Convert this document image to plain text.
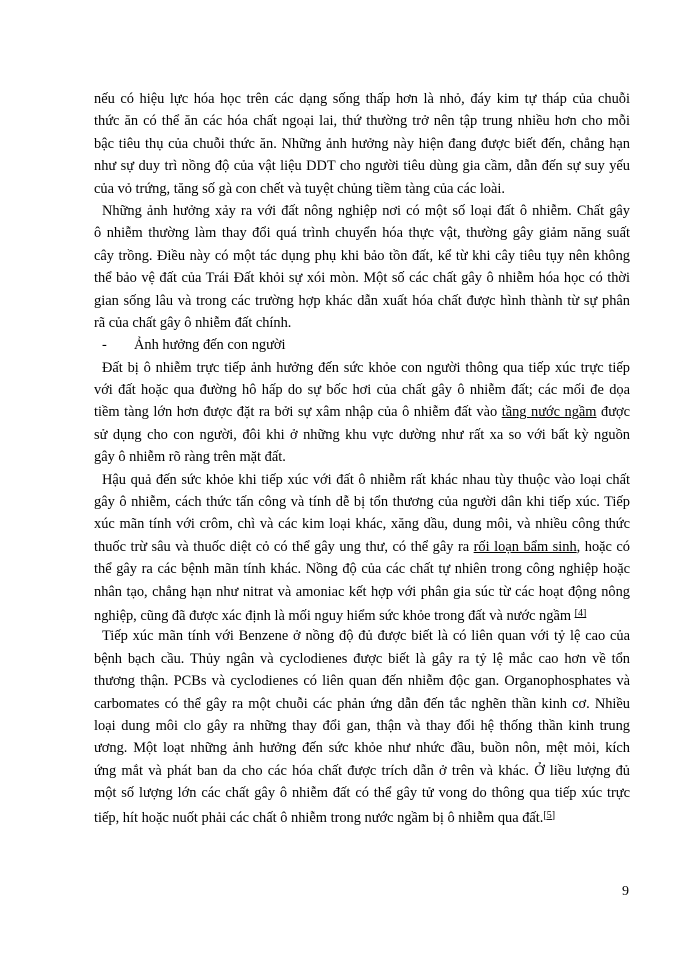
nếu có hiệu lực hóa học trên các dạng sống thấp hơn là nhỏ, đáy kim tự tháp của chuỗi
thức ăn có thể ăn các hóa chất ngoại lai, thứ thường trở nên tập trung nhiều hơn cho mỗi
bậc tiêu thụ của chuỗi thức ăn. Những ảnh hưởng này hiện đang được biết đến, chẳng hạn
như sự duy trì nồng độ của vật liệu DDT cho người tiêu dùng gia cầm, dẫn đến sự suy yếu
của vỏ trứng, tăng số gà con chết và tuyệt chủng tiềm tàng của các loài.
Những ảnh hưởng xảy ra với đất nông nghiệp nơi có một số loại đất ô nhiễm. Chất gây
ô nhiễm thường làm thay đổi quá trình chuyển hóa thực vật, thường gây giảm năng suất
cây trồng. Điều này có một tác dụng phụ khi bảo tồn đất, kể từ khi cây tiêu tụy nên không
thể bảo vệ đất của Trái Đất khỏi sự xói mòn. Một số các chất gây ô nhiễm hóa học có thời
gian sống lâu và trong các trường hợp khác dẫn xuất hóa chất được hình thành từ sự phân
rã của chất gây ô nhiễm đất chính.
- Ảnh hưởng đến con người
Đất bị ô nhiễm trực tiếp ảnh hưởng đến sức khỏe con người thông qua tiếp xúc trực tiếp
với đất hoặc qua đường hô hấp do sự bốc hơi của chất gây ô nhiễm đất; các mối đe dọa
tiềm tàng lớn hơn được đặt ra bởi sự xâm nhập của ô nhiễm đất vào tầng nước ngầm được
sử dụng cho con người, đôi khi ở những khu vực dường như rất xa so với bất kỳ nguồn
gây ô nhiễm rõ ràng trên mặt đất.
Hậu quả đến sức khỏe khi tiếp xúc với đất ô nhiễm rất khác nhau tùy thuộc vào loại chất
gây ô nhiễm, cách thức tấn công và tính dễ bị tổn thương của người dân khi tiếp xúc. Tiếp
xúc mãn tính với crôm, chì và các kim loại khác, xăng dầu, dung môi, và nhiều công thức
thuốc trừ sâu và thuốc diệt cỏ có thể gây ung thư, có thể gây ra rối loạn bẩm sinh, hoặc có
thể gây ra các bệnh mãn tính khác. Nồng độ của các chất tự nhiên trong công nghiệp hoặc
nhân tạo, chẳng hạn như nitrat và amoniac kết hợp với phân gia súc từ các hoạt động nông
nghiệp, cũng đã được xác định là mối nguy hiểm sức khỏe trong đất và nước ngầm [4]
Tiếp xúc mãn tính với Benzene ở nồng độ đủ được biết là có liên quan với tỷ lệ cao của
bệnh bạch cầu. Thủy ngân và cyclodienes được biết là gây ra tỷ lệ mắc cao hơn về tổn
thương thận. PCBs và cyclodienes có liên quan đến nhiễm độc gan. Organophosphates và
carbomates có thể gây ra một chuỗi các phản ứng dẫn đến tắc nghẽn thần kinh cơ. Nhiều
loại dung môi clo gây ra những thay đổi gan, thận và thay đổi hệ thống thần kinh trung
ương. Một loạt những ảnh hưởng đến sức khỏe như nhức đầu, buồn nôn, mệt mỏi, kích
ứng mắt và phát ban da cho các hóa chất được trích dẫn ở trên và khác. Ở liều lượng đủ
một số lượng lớn các chất gây ô nhiễm đất có thể gây tử vong do thông qua tiếp xúc trực
tiếp, hít hoặc nuốt phải các chất ô nhiễm trong nước ngầm bị ô nhiễm qua đất.[5]
9
